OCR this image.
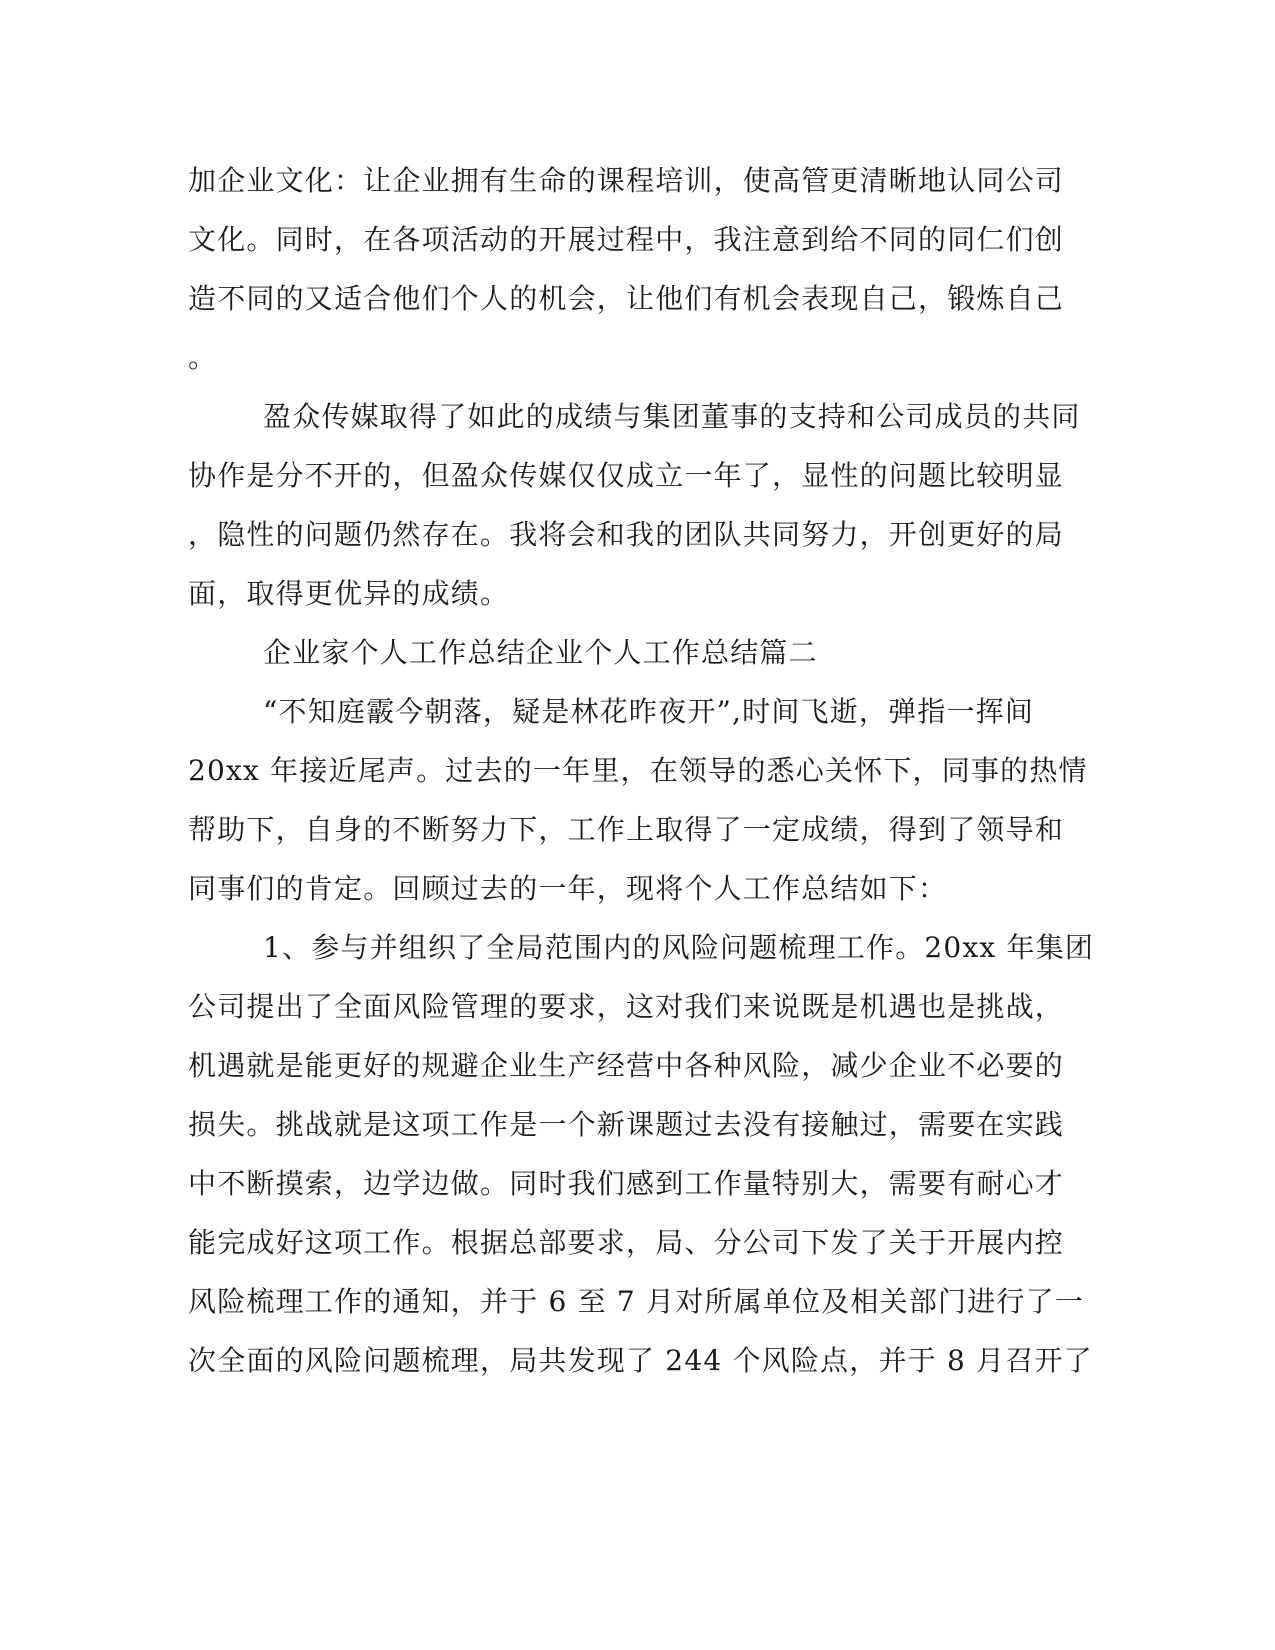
加企业文化：让企业拥有生命的课程培训，使高管更清晰地认同公司
文化。同时，在各项活动的开展过程中，我注意到给不同的同仁们创
造不同的又适合他们个人的机会，让他们有机会表现自己，锻炼自己
。
盈众传媒取得了如此的成绩与集团董事的支持和公司成员的共同
协作是分不开的，但盈众传媒仅仅成立一年了，显性的问题比较明显
，隐性的问题仍然存在。我将会和我的团队共同努力，开创更好的局
面，取得更优异的成绩。
企业家个人工作总结企业个人工作总结篇二
“不知庭霰今朝落，疑是林花昨夜开”,时间飞逝，弹指一挥间
20xx 年接近尾声。过去的一年里，在领导的悉心关怀下，同事的热情
帮助下，自身的不断努力下，工作上取得了一定成绩，得到了领导和
同事们的肯定。回顾过去的一年，现将个人工作总结如下：
1、参与并组织了全局范围内的风险问题梳理工作。20xx 年集团
公司提出了全面风险管理的要求，这对我们来说既是机遇也是挑战，
机遇就是能更好的规避企业生产经营中各种风险，减少企业不必要的
损失。挑战就是这项工作是一个新课题过去没有接触过，需要在实践
中不断摸索，边学边做。同时我们感到工作量特别大，需要有耐心才
能完成好这项工作。根据总部要求，局、分公司下发了关于开展内控
风险梳理工作的通知，并于 6 至 7 月对所属单位及相关部门进行了一
次全面的风险问题梳理，局共发现了 244 个风险点，并于 8 月召开了
